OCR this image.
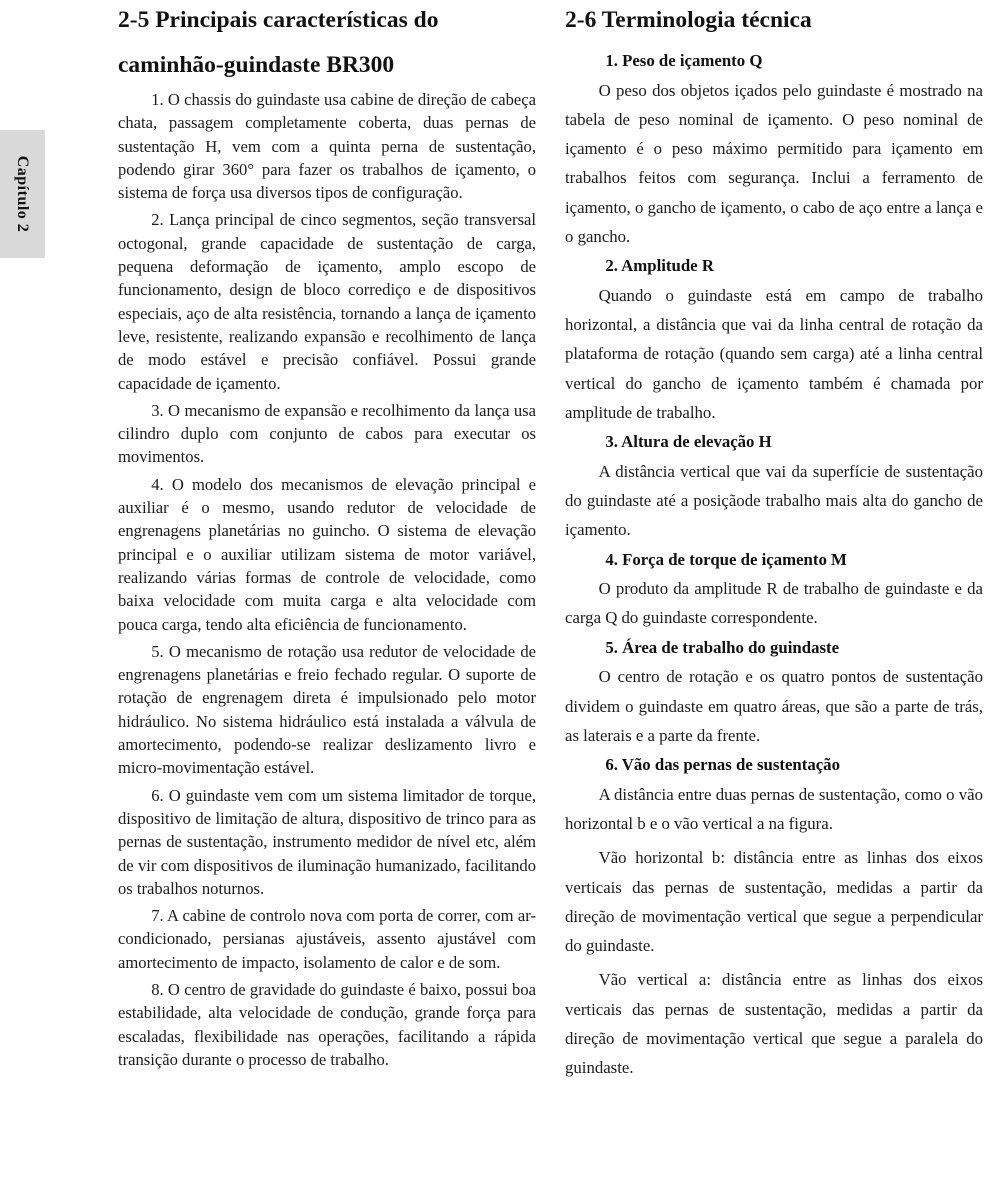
Capítulo 2
2-5 Principais características do caminhão-guindaste BR300

1. O chassis do guindaste usa cabine de direção de cabeça chata, passagem completamente coberta, duas pernas de sustentação H, vem com a quinta perna de sustentação, podendo girar 360° para fazer os trabalhos de içamento, o sistema de força usa diversos tipos de configuração.

2. Lança principal de cinco segmentos, seção transversal octogonal, grande capacidade de sustentação de carga, pequena deformação de içamento, amplo escopo de funcionamento, design de bloco corrediço e de dispositivos especiais, aço de alta resistência, tornando a lança de içamento leve, resistente, realizando expansão e recolhimento de lança de modo estável e precisão confiável. Possui grande capacidade de içamento.

3. O mecanismo de expansão e recolhimento da lança usa cilindro duplo com conjunto de cabos para executar os movimentos.

4. O modelo dos mecanismos de elevação principal e auxiliar é o mesmo, usando redutor de velocidade de engrenagens planetárias no guincho. O sistema de elevação principal e o auxiliar utilizam sistema de motor variável, realizando várias formas de controle de velocidade, como baixa velocidade com muita carga e alta velocidade com pouca carga, tendo alta eficiência de funcionamento.

5. O mecanismo de rotação usa redutor de velocidade de engrenagens planetárias e freio fechado regular. O suporte de rotação de engrenagem direta é impulsionado pelo motor hidráulico. No sistema hidráulico está instalada a válvula de amortecimento, podendo-se realizar deslizamento livro e micro-movimentação estável.

6. O guindaste vem com um sistema limitador de torque, dispositivo de limitação de altura, dispositivo de trinco para as pernas de sustentação, instrumento medidor de nível etc, além de vir com dispositivos de iluminação humanizado, facilitando os trabalhos noturnos.

7. A cabine de controlo nova com porta de correr, com ar-condicionado, persianas ajustáveis, assento ajustável com amortecimento de impacto, isolamento de calor e de som.

8. O centro de gravidade do guindaste é baixo, possui boa estabilidade, alta velocidade de condução, grande força para escaladas, flexibilidade nas operações, facilitando a rápida transição durante o processo de trabalho.

2-6 Terminologia técnica
1. Peso de içamento Q

O peso dos objetos içados pelo guindaste é mostrado na tabela de peso nominal de içamento. O peso nominal de içamento é o peso máximo permitido para içamento em trabalhos feitos com segurança. Inclui a ferramento de içamento, o gancho de içamento, o cabo de aço entre a lança e o gancho.

2. Amplitude R

Quando o guindaste está em campo de trabalho horizontal, a distância que vai da linha central de rotação da plataforma de rotação (quando sem carga) até a linha central vertical do gancho de içamento também é chamada por amplitude de trabalho.

3. Altura de elevação H

A distância vertical que vai da superfície de sustentação do guindaste até a posiçãode trabalho mais alta do gancho de içamento.

4. Força de torque de içamento M

O produto da amplitude R de trabalho de guindaste e da carga Q do guindaste correspondente.

5. Área de trabalho do guindaste

O centro de rotação e os quatro pontos de sustentação dividem o guindaste em quatro áreas, que são a parte de trás, as laterais e a parte da frente.

6. Vão das pernas de sustentação

A distância entre duas pernas de sustentação, como o vão horizontal b e o vão vertical a na figura.

Vão horizontal b: distância entre as linhas dos eixos verticais das pernas de sustentação, medidas a partir da direção de movimentação vertical que segue a perpendicular do guindaste.

Vão vertical a: distância entre as linhas dos eixos verticais das pernas de sustentação, medidas a partir da direção de movimentação vertical que segue a paralela do guindaste.
